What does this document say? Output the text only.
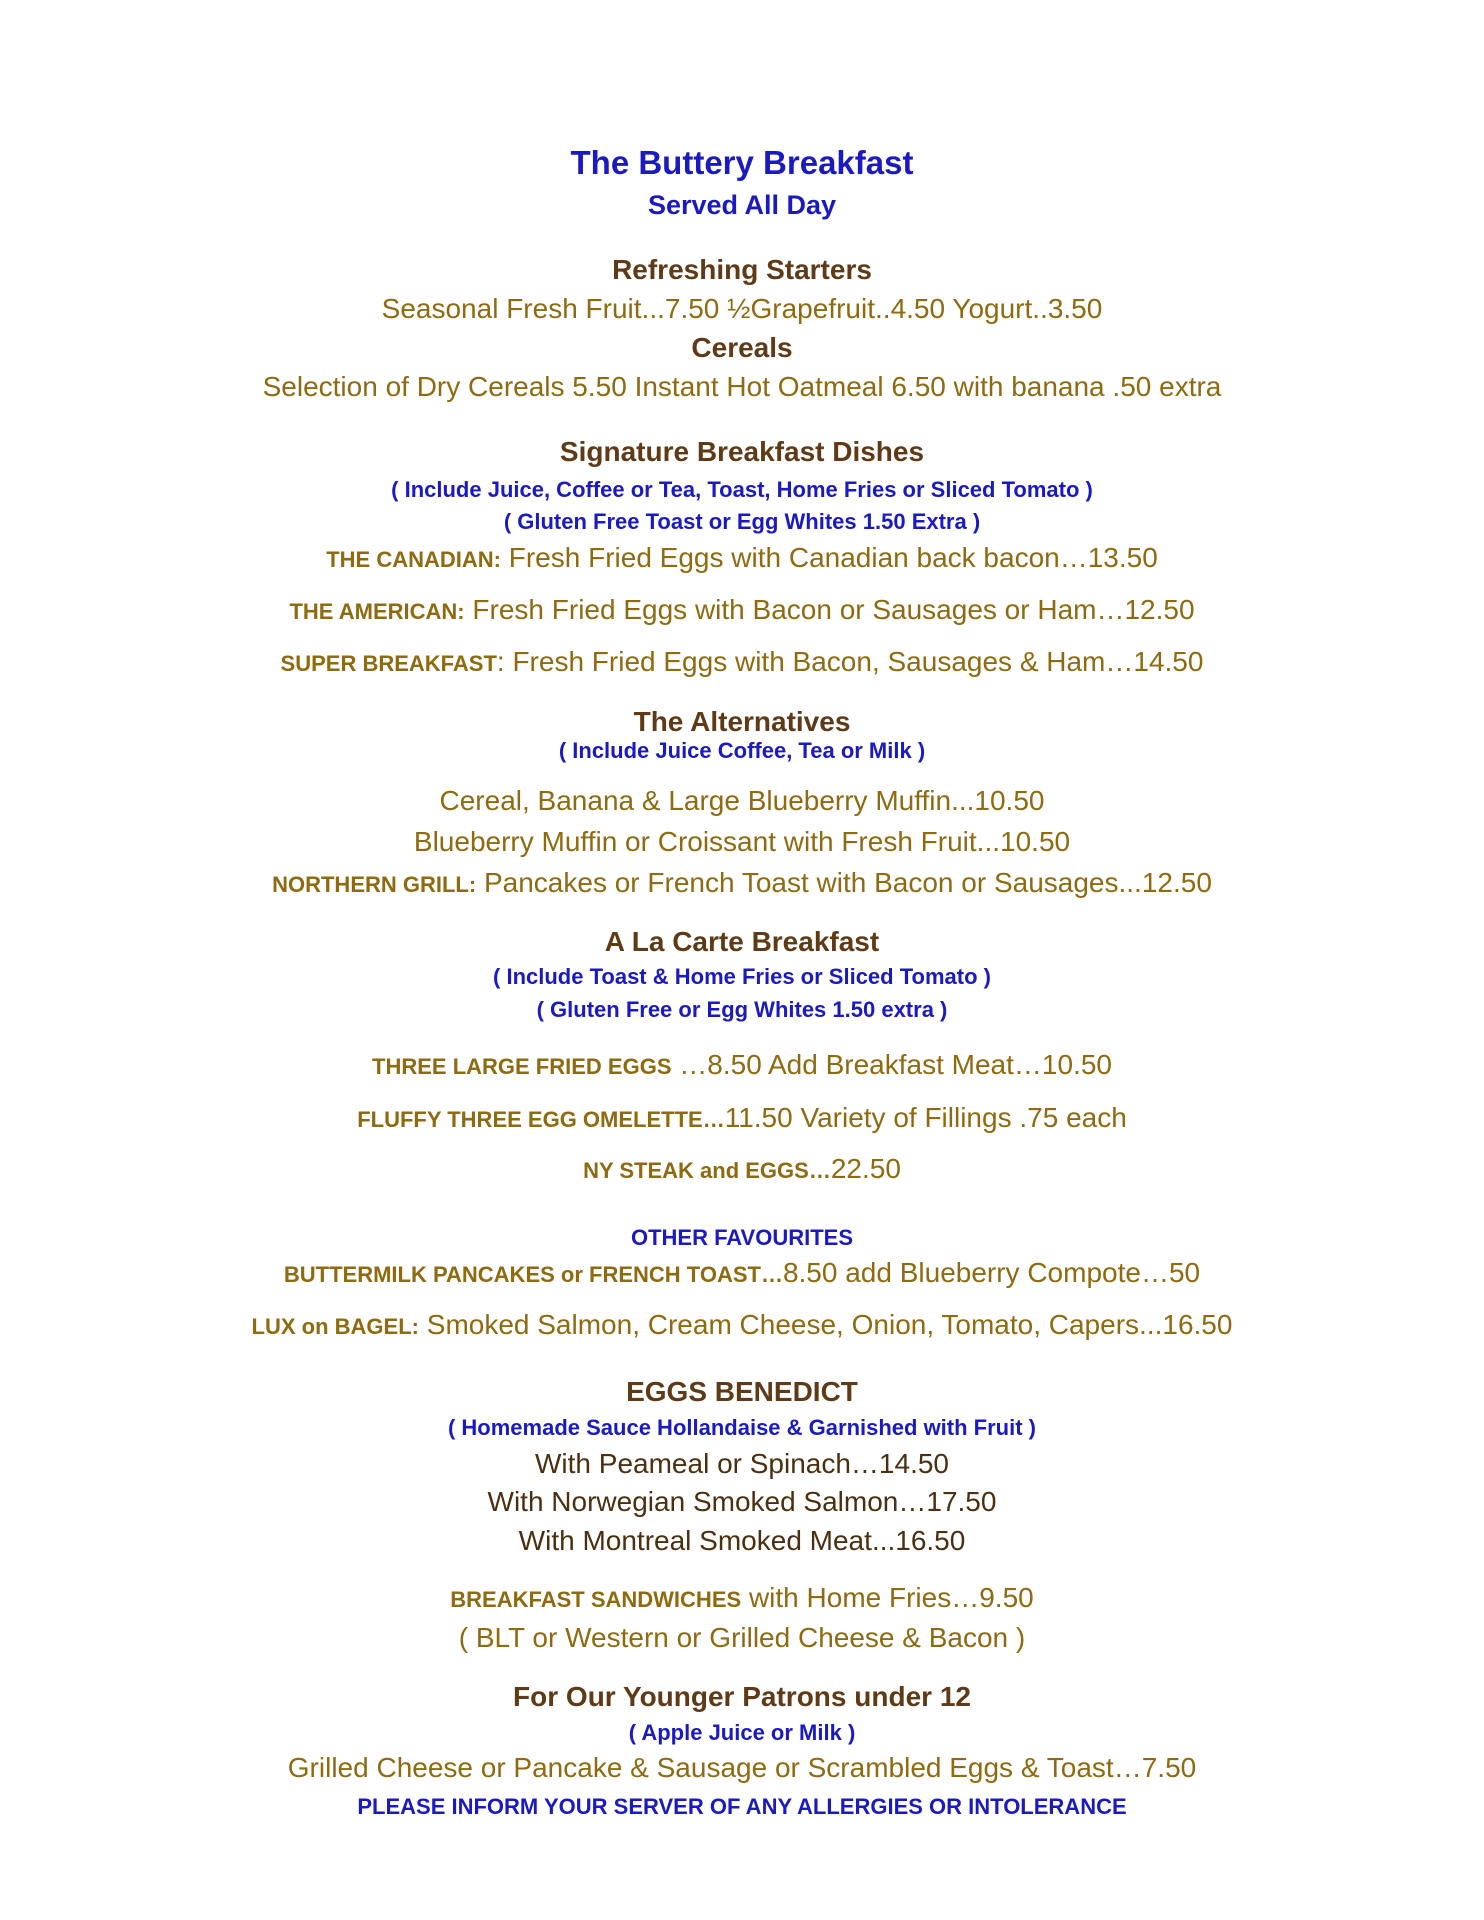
The Buttery Breakfast
Served All Day
Refreshing Starters
Seasonal Fresh Fruit...7.50 ½Grapefruit..4.50 Yogurt..3.50
Cereals
Selection of Dry Cereals 5.50 Instant Hot Oatmeal 6.50 with banana .50 extra
Signature Breakfast Dishes
( Include Juice, Coffee or Tea, Toast, Home Fries or Sliced Tomato )
( Gluten Free Toast or Egg Whites 1.50 Extra )
THE CANADIAN: Fresh Fried Eggs with Canadian back bacon…13.50
THE AMERICAN: Fresh Fried Eggs with Bacon or Sausages or Ham…12.50
SUPER BREAKFAST: Fresh Fried Eggs with Bacon, Sausages & Ham…14.50
The Alternatives
( Include Juice Coffee, Tea or Milk )
Cereal, Banana & Large Blueberry Muffin...10.50
Blueberry Muffin or Croissant with Fresh Fruit...10.50
NORTHERN GRILL: Pancakes or French Toast with Bacon or Sausages...12.50
A La Carte Breakfast
( Include Toast & Home Fries or Sliced Tomato )
( Gluten Free or Egg Whites 1.50 extra )
THREE LARGE FRIED EGGS …8.50 Add Breakfast Meat…10.50
FLUFFY THREE EGG OMELETTE…11.50 Variety of Fillings .75 each
NY STEAK and EGGS…22.50
OTHER FAVOURITES
BUTTERMILK PANCAKES or FRENCH TOAST…8.50 add Blueberry Compote…50
LUX on BAGEL: Smoked Salmon, Cream Cheese, Onion, Tomato, Capers...16.50
EGGS BENEDICT
( Homemade Sauce Hollandaise & Garnished with Fruit )
With Peameal or Spinach…14.50
With Norwegian Smoked Salmon…17.50
With Montreal Smoked Meat...16.50
BREAKFAST SANDWICHES with Home Fries…9.50
( BLT or Western or Grilled Cheese & Bacon )
For Our Younger Patrons under 12
( Apple Juice or Milk )
Grilled Cheese or Pancake & Sausage or Scrambled Eggs & Toast…7.50
PLEASE INFORM YOUR SERVER OF ANY ALLERGIES OR INTOLERANCE
